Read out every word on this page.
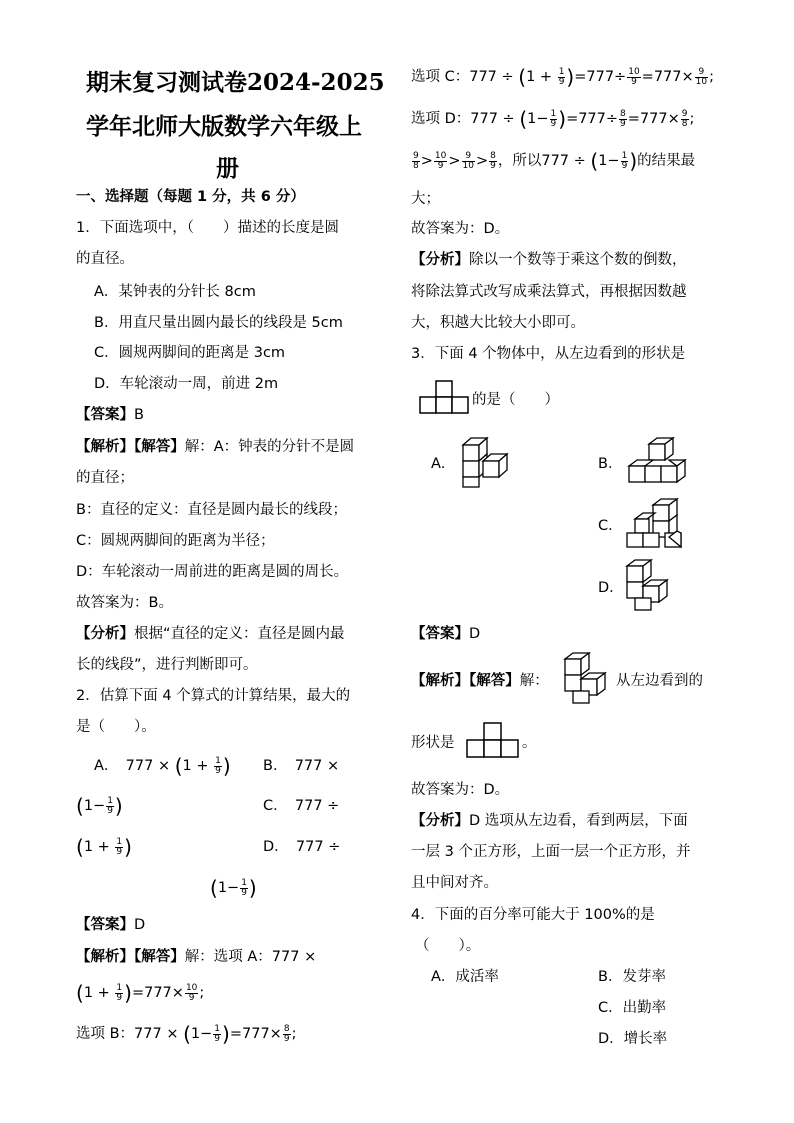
期末复习测试卷2024-2025
学年北师大版数学六年级上
册
一、选择题（每题 1 分，共 6 分）
1．下面选项中，（　　）描述的长度是圆
的直径。
A．某钟表的分针长 8cm
B．用直尺量出圆内最长的线段是 5cm
C．圆规两脚间的距离是 3cm
D．车轮滚动一周，前进 2m
【答案】B
【解析】【解答】解：A：钟表的分针不是圆
的直径；
B：直径的定义：直径是圆内最长的线段；
C：圆规两脚间的距离为半径；
D：车轮滚动一周前进的距离是圆的周长。
故答案为：B。
【分析】根据“直径的定义：直径是圆内最
长的线段”，进行判断即可。
2．估算下面 4 个算式的计算结果，最大的
是（　　）。
A．　$777 \times (1 + \frac{1}{9}$ ) B．　777 ×
($1- \frac{1}{9}$ )	C．　777 ÷
($1 + \frac{1}{9}$ )	D．　777 ÷
($1- \frac{1}{9}$ )
【答案】D
【解析】【解答】解：选项 A：777 ×
$(1 + \frac{1}{9} )=777\times \frac{10}{9}$ ;
选项 B：$777 \times (1- \frac{1}{9} )=777\times \frac{8}{9}$ ;
选项 C：$777 \div (1 + \frac{1}{9} )=777\div \frac{10}{9} =777\times \frac{9}{10}$ ;
选项 D：$777 \div (1- \frac{1}{9} )=777\div \frac{8}{9} =777\times \frac{9}{8}$ ;
$\frac{9}{8} > \frac{10}{9} > \frac{9}{10} > \frac{8}{9}$ ，所以$777 \div (1- \frac{1}{9}$ )的结果最
大；
故答案为：D。
【分析】除以一个数等于乘这个数的倒数，
将除法算式改写成乘法算式，再根据因数越
大，积越大比较大小即可。
3．下面 4 个物体中，从左边看到的形状是
的是（　　）
A．	B．
C．
D．
【答案】D
【解析】【解答】解：	从左边看到的
形状是	。
故答案为：D。
【分析】D 选项从左边看，看到两层，下面
一层 3 个正方形，上面一层一个正方形，并
且中间对齐。
4．下面的百分率可能大于 100%的是
（　　）。
A．成活率	B．发芽率
C．出勤率
D．增长率
